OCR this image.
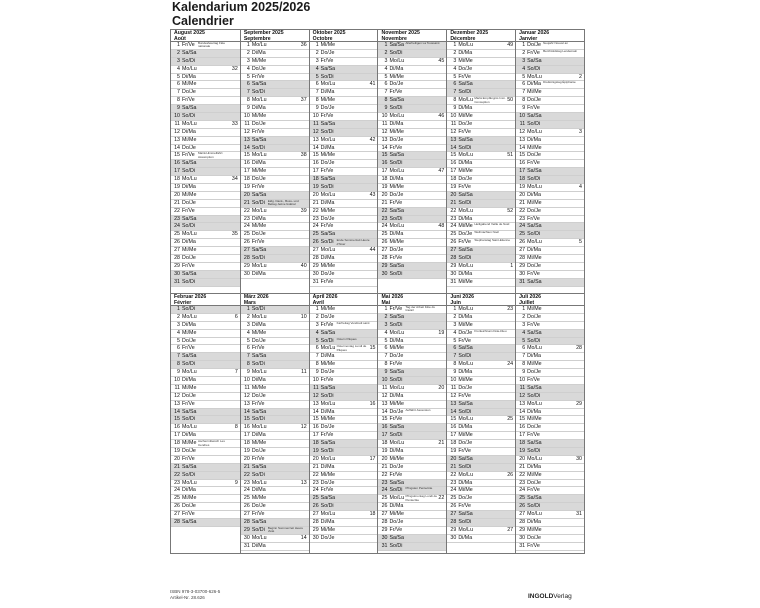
Kalendarium 2025/2026
Calendrier
August 2025
Août
1 Fr/Ve Bundesfeiertag Fête nationale
2 Sa/Sa
3 So/Di
4 Mo/Lu	32
5 Di/Ma
6 Mi/Me
7 Do/Je
8 Fr/Ve
9 Sa/Sa
10 So/Di
11 Mo/Lu	33
12 Di/Ma
13 Mi/Me
14 Do/Je
15 Fr/Ve Mariä Himmelfahrt Assomption
16 Sa/Sa
17 So/Di
18 Mo/Lu	34
19 Di/Ma
20 Mi/Me
21 Do/Je
22 Fr/Ve
23 Sa/Sa
24 So/Di
25 Mo/Lu	35
26 Di/Ma
27 Mi/Me
28 Do/Je
29 Fr/Ve
30 Sa/Sa
31 So/Di
September 2025
Septembre
1 Mo/Lu	36
2 Di/Ma
3 Mi/Me
4 Do/Je
5 Fr/Ve
6 Sa/Sa
7 So/Di
8 Mo/Lu	37
9 Di/Ma
10 Mi/Me
11 Do/Je
12 Fr/Ve
13 Sa/Sa
14 So/Di
15 Mo/Lu	38
16 Di/Ma
17 Mi/Me
18 Do/Je
19 Fr/Ve
20 Sa/Sa
21 So/Di Eidg. Dank-, Buss- und Bettag Jeûne fédéral
22 Mo/Lu	39
23 Di/Ma
24 Mi/Me
25 Do/Je
26 Fr/Ve
27 Sa/Sa
28 So/Di
29 Mo/Lu	40
30 Di/Ma
Oktober 2025
Octobre
1 Mi/Me
2 Do/Je
3 Fr/Ve
4 Sa/Sa
5 So/Di
6 Mo/Lu	41
7 Di/Ma
8 Mi/Me
9 Do/Je
10 Fr/Ve
11 Sa/Sa
12 So/Di
13 Mo/Lu	42
14 Di/Ma
15 Mi/Me
16 Do/Je
17 Fr/Ve
18 Sa/Sa
19 So/Di
20 Mo/Lu	43
21 Di/Ma
22 Mi/Me
23 Do/Je
24 Fr/Ve
25 Sa/Sa
26 So/Di Ende Sommerzeit Heure d'hiver
27 Mo/Lu	44
28 Di/Ma
29 Mi/Me
30 Do/Je
31 Fr/Ve
November 2025
Novembre
1 Sa/Sa Allerheiligen La Toussaint
2 So/Di
3 Mo/Lu	45
4 Di/Ma
5 Mi/Me
6 Do/Je
7 Fr/Ve
8 Sa/Sa
9 So/Di
10 Mo/Lu	46
11 Di/Ma
12 Mi/Me
13 Do/Je
14 Fr/Ve
15 Sa/Sa
16 So/Di
17 Mo/Lu	47
18 Di/Ma
19 Mi/Me
20 Do/Je
21 Fr/Ve
22 Sa/Sa
23 So/Di
24 Mo/Lu	48
25 Di/Ma
26 Mi/Me
27 Do/Je
28 Fr/Ve
29 Sa/Sa
30 So/Di
Dezember 2025
Décembre
1 Mo/Lu	49
2 Di/Ma
3 Mi/Me
4 Do/Je
5 Fr/Ve
6 Sa/Sa
7 So/Di
8 Mo/Lu	50
Mariä Empfängnis Imm. Conception
9 Di/Ma
10 Mi/Me
11 Do/Je
12 Fr/Ve
13 Sa/Sa
14 So/Di
15 Mo/Lu	51
16 Di/Ma
17 Mi/Me
18 Do/Je
19 Fr/Ve
20 Sa/Sa
21 So/Di
22 Mo/Lu	52
23 Di/Ma
24 Mi/Me Heiligabend Veille de Noël
25 Do/Je Weihnachten Noël
26 Fr/Ve Stephanstag Saint-Etienne
27 Sa/Sa
28 So/Di
29 Mo/Lu	1
30 Di/Ma
31 Mi/Me
Januar 2026
Janvier
1 Do/Je Neujahr Nouvel an
2 Fr/Ve Berchtoldstag Lendemain
3 Sa/Sa
4 So/Di
5 Mo/Lu	2
6 Di/Ma Dreikönigstag Épiphanie
7 Mi/Me
8 Do/Je
9 Fr/Ve
10 Sa/Sa
11 So/Di
12 Mo/Lu	3
13 Di/Ma
14 Mi/Me
15 Do/Je
16 Fr/Ve
17 Sa/Sa
18 So/Di
19 Mo/Lu	4
20 Di/Ma
21 Mi/Me
22 Do/Je
23 Fr/Ve
24 Sa/Sa
25 So/Di
26 Mo/Lu	5
27 Di/Ma
28 Mi/Me
29 Do/Je
30 Fr/Ve
31 Sa/Sa
Februar 2026
Février
1 So/Di
2 Mo/Lu	6
3 Di/Ma
4 Mi/Me
5 Do/Je
6 Fr/Ve
7 Sa/Sa
8 So/Di
9 Mo/Lu	7
10 Di/Ma
11 Mi/Me
12 Do/Je
13 Fr/Ve
14 Sa/Sa
15 So/Di
16 Mo/Lu	8
17 Di/Ma
18 Mi/Me Aschermittwoch Les Cendres
19 Do/Je
20 Fr/Ve
21 Sa/Sa
22 So/Di
23 Mo/Lu	9
24 Di/Ma
25 Mi/Me
26 Do/Je
27 Fr/Ve
28 Sa/Sa
März 2026
Mars
1 So/Di
2 Mo/Lu	10
3 Di/Ma
4 Mi/Me
5 Do/Je
6 Fr/Ve
7 Sa/Sa
8 So/Di
9 Mo/Lu	11
10 Di/Ma
11 Mi/Me
12 Do/Je
13 Fr/Ve
14 Sa/Sa
15 So/Di
16 Mo/Lu	12
17 Di/Ma
18 Mi/Me
19 Do/Je
20 Fr/Ve
21 Sa/Sa
22 So/Di
23 Mo/Lu	13
24 Di/Ma
25 Mi/Me
26 Do/Je
27 Fr/Ve
28 Sa/Sa
29 So/Di Beginn Sommerzeit Heure d'été
30 Mo/Lu	14
31 Di/Ma
April 2026
Avril
1 Mi/Me
2 Do/Je
3 Fr/Ve Karfreitag Vendredi saint
4 Sa/Sa
5 So/Di Ostern Pâques
6 Mo/Lu	15
Ostermontag Lundi de Pâques
7 Di/Ma
8 Mi/Me
9 Do/Je
10 Fr/Ve
11 Sa/Sa
12 So/Di
13 Mo/Lu	16
14 Di/Ma
15 Mi/Me
16 Do/Je
17 Fr/Ve
18 Sa/Sa
19 So/Di
20 Mo/Lu	17
21 Di/Ma
22 Mi/Me
23 Do/Je
24 Fr/Ve
25 Sa/Sa
26 So/Di
27 Mo/Lu	18
28 Di/Ma
29 Mi/Me
30 Do/Je
Mai 2026
Mai
1 Fr/Ve Tag der Arbeit Fête du travail
2 Sa/Sa
3 So/Di
4 Mo/Lu	19
5 Di/Ma
6 Mi/Me
7 Do/Je
8 Fr/Ve
9 Sa/Sa
10 So/Di
11 Mo/Lu	20
12 Di/Ma
13 Mi/Me
14 Do/Je Auffahrt Ascension
15 Fr/Ve
16 Sa/Sa
17 So/Di
18 Mo/Lu	21
19 Di/Ma
20 Mi/Me
21 Do/Je
22 Fr/Ve
23 Sa/Sa
24 So/Di Pfingsten Pentecôte
25 Mo/Lu	22
Pfingstmontag Lundi de Pentecôte
26 Di/Ma
27 Mi/Me
28 Do/Je
29 Fr/Ve
30 Sa/Sa
31 So/Di
Juni 2026
Juin
1 Mo/Lu	23
2 Di/Ma
3 Mi/Me
4 Do/Je Fronleichnam Fête-Dieu
5 Fr/Ve
6 Sa/Sa
7 So/Di
8 Mo/Lu	24
9 Di/Ma
10 Mi/Me
11 Do/Je
12 Fr/Ve
13 Sa/Sa
14 So/Di
15 Mo/Lu	25
16 Di/Ma
17 Mi/Me
18 Do/Je
19 Fr/Ve
20 Sa/Sa
21 So/Di
22 Mo/Lu	26
23 Di/Ma
24 Mi/Me
25 Do/Je
26 Fr/Ve
27 Sa/Sa
28 So/Di
29 Mo/Lu	27
30 Di/Ma
Juli 2026
Juillet
1 Mi/Me
2 Do/Je
3 Fr/Ve
4 Sa/Sa
5 So/Di
6 Mo/Lu	28
7 Di/Ma
8 Mi/Me
9 Do/Je
10 Fr/Ve
11 Sa/Sa
12 So/Di
13 Mo/Lu	29
14 Di/Ma
15 Mi/Me
16 Do/Je
17 Fr/Ve
18 Sa/Sa
19 So/Di
20 Mo/Lu	30
21 Di/Ma
22 Mi/Me
23 Do/Je
24 Fr/Ve
25 Sa/Sa
26 So/Di
27 Mo/Lu	31
28 Di/Ma
29 Mi/Me
30 Do/Je
31 Fr/Ve
ISBN 978-3-03700-626-5
Artikel-Nr. 28.626	INGOLDVerlag
